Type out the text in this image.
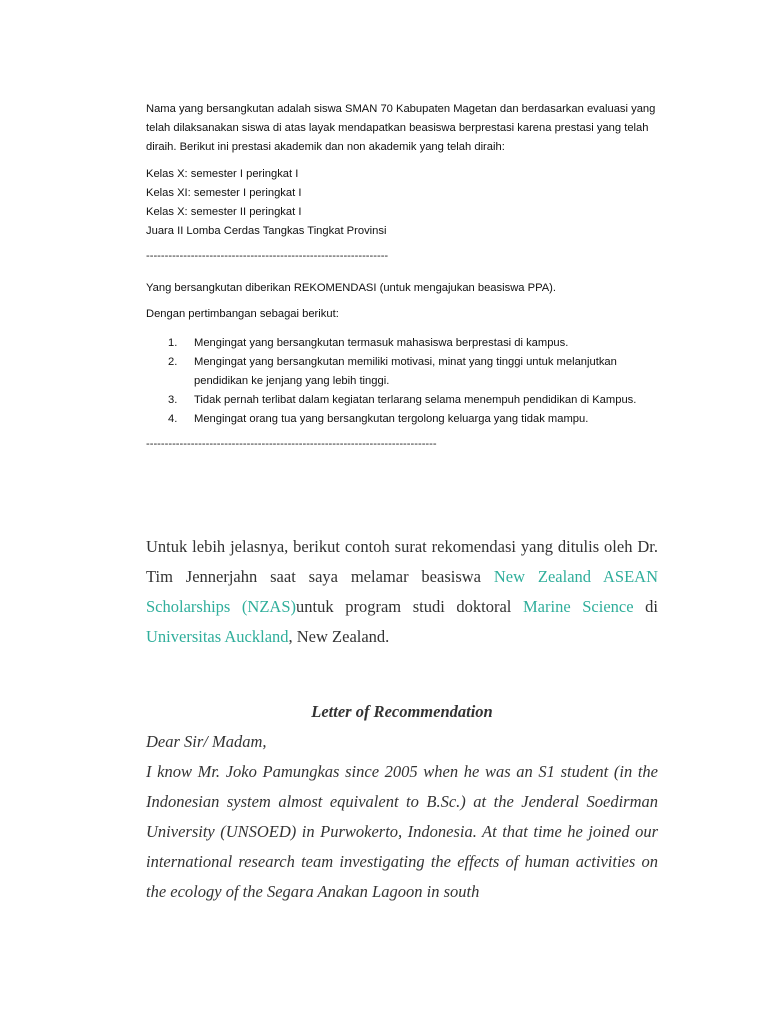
Nama yang bersangkutan adalah siswa SMAN 70 Kabupaten Magetan dan berdasarkan evaluasi yang telah dilaksanakan siswa di atas layak mendapatkan beasiswa berprestasi karena prestasi yang telah diraih. Berikut ini prestasi akademik dan non akademik yang telah diraih:

Kelas X: semester I peringkat I
Kelas XI: semester I peringkat I
Kelas X: semester II peringkat I
Juara II Lomba Cerdas Tangkas Tingkat Provinsi
-----------------------------------------------------------------
Yang bersangkutan diberikan REKOMENDASI (untuk mengajukan beasiswa PPA).
Dengan pertimbangan sebagai berikut:
1. Mengingat yang bersangkutan termasuk mahasiswa berprestasi di kampus.
2. Mengingat yang bersangkutan memiliki motivasi, minat yang tinggi untuk melanjutkan pendidikan ke jenjang yang lebih tinggi.
3. Tidak pernah terlibat dalam kegiatan terlarang selama menempuh pendidikan di Kampus.
4. Mengingat orang tua yang bersangkutan tergolong keluarga yang tidak mampu.
------------------------------------------------------------------------------

Untuk lebih jelasnya, berikut contoh surat rekomendasi yang ditulis oleh Dr. Tim Jennerjahn saat saya melamar beasiswa New Zealand ASEAN Scholarships (NZAS)untuk program studi doktoral Marine Science di Universitas Auckland, New Zealand.

Letter of Recommendation
Dear Sir/ Madam,
I know Mr. Joko Pamungkas since 2005 when he was an S1 student (in the Indonesian system almost equivalent to B.Sc.) at the Jenderal Soedirman University (UNSOED) in Purwokerto, Indonesia. At that time he joined our international research team investigating the effects of human activities on the ecology of the Segara Anakan Lagoon in south
